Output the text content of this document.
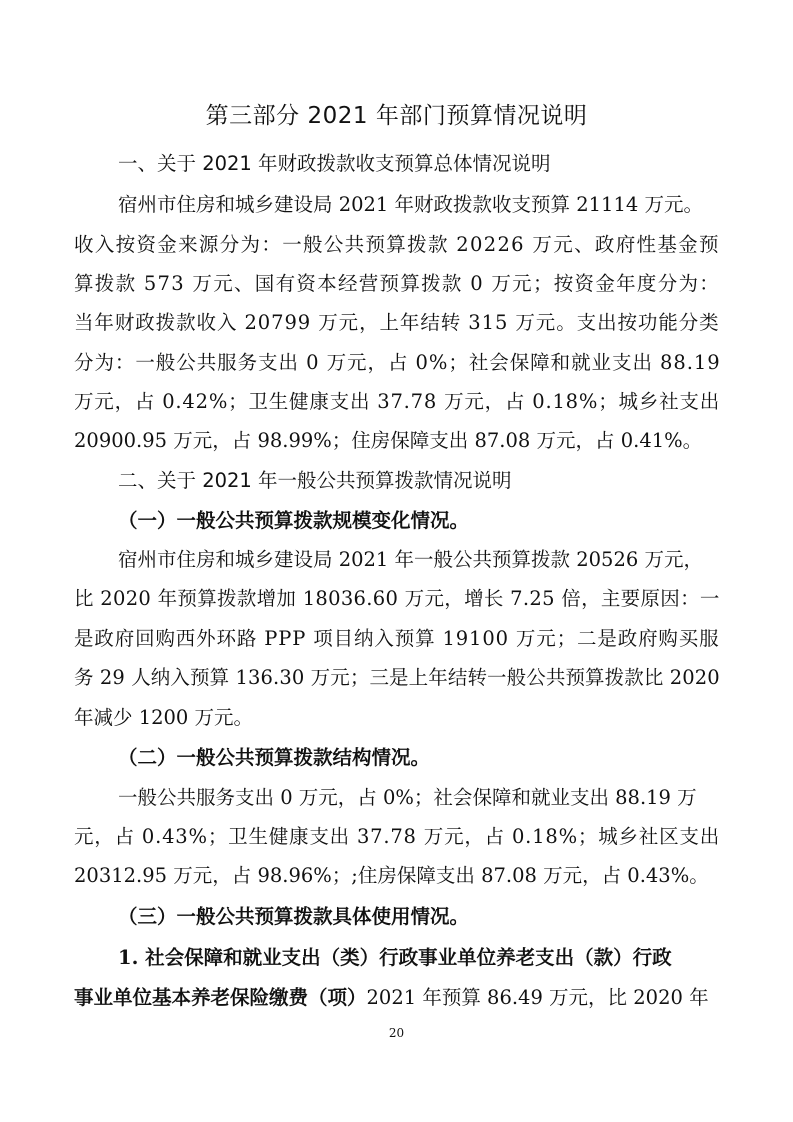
第三部分 2021 年部门预算情况说明
一、关于 2021 年财政拨款收支预算总体情况说明
宿州市住房和城乡建设局 2021 年财政拨款收支预算 21114 万元。
收入按资金来源分为：一般公共预算拨款 20226 万元、政府性基金预
算拨款 573 万元、国有资本经营预算拨款 0 万元；按资金年度分为：
当年财政拨款收入 20799 万元，上年结转 315 万元。支出按功能分类
分为：一般公共服务支出 0 万元，占 0%；社会保障和就业支出 88.19
万元，占 0.42%；卫生健康支出 37.78 万元，占 0.18%；城乡社支出
20900.95 万元，占 98.99%；住房保障支出 87.08 万元，占 0.41%。
二、关于 2021 年一般公共预算拨款情况说明
（一）一般公共预算拨款规模变化情况。
宿州市住房和城乡建设局 2021 年一般公共预算拨款 20526 万元，
比 2020 年预算拨款增加 18036.60 万元，增长 7.25 倍，主要原因：一
是政府回购西外环路 PPP 项目纳入预算 19100 万元；二是政府购买服
务 29 人纳入预算 136.30 万元；三是上年结转一般公共预算拨款比 2020
年减少 1200 万元。
（二）一般公共预算拨款结构情况。
一般公共服务支出 0 万元，占 0%；社会保障和就业支出 88.19 万
元，占 0.43%；卫生健康支出 37.78 万元，占 0.18%；城乡社区支出
20312.95 万元，占 98.96%；;住房保障支出 87.08 万元，占 0.43%。
（三）一般公共预算拨款具体使用情况。
1. 社会保障和就业支出（类）行政事业单位养老支出（款）行政
事业单位基本养老保险缴费（项）2021 年预算 86.49 万元，比 2020 年
20
